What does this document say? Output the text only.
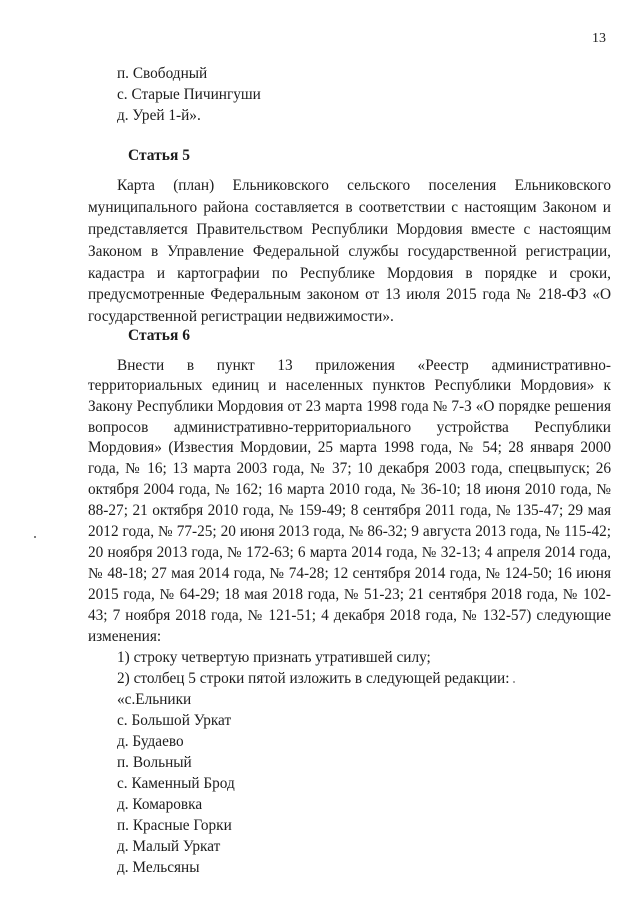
13
п. Свободный
с. Старые Пичингуши
д. Урей 1-й».
Статья 5
Карта (план) Ельниковского сельского поселения Ельниковского
муниципального района составляется в соответствии с настоящим Законом и
представляется Правительством Республики Мордовия вместе с настоящим
Законом в Управление Федеральной службы государственной регистрации,
кадастра и картографии по Республике Мордовия в порядке и сроки,
предусмотренные Федеральным законом от 13 июля 2015 года № 218-ФЗ «О
государственной регистрации недвижимости».
Статья 6
Внести в пункт 13 приложения «Реестр административно-
территориальных единиц и населенных пунктов Республики Мордовия» к
Закону Республики Мордовия от 23 марта 1998 года № 7-З «О порядке решения
вопросов административно-территориального устройства Республики
Мордовия» (Известия Мордовии, 25 марта 1998 года, № 54; 28 января 2000
года, № 16; 13 марта 2003 года, № 37; 10 декабря 2003 года, спецвыпуск; 26
октября 2004 года, № 162; 16 марта 2010 года, № 36-10; 18 июня 2010 года, №
88-27; 21 октября 2010 года, № 159-49; 8 сентября 2011 года, № 135-47; 29 мая
2012 года, № 77-25; 20 июня 2013 года, № 86-32; 9 августа 2013 года, № 115-42;
20 ноября 2013 года, № 172-63; 6 марта 2014 года, № 32-13; 4 апреля 2014 года,
№ 48-18; 27 мая 2014 года, № 74-28; 12 сентября 2014 года, № 124-50; 16 июня
2015 года, № 64-29; 18 мая 2018 года, № 51-23; 21 сентября 2018 года, № 102-
43; 7 ноября 2018 года, № 121-51; 4 декабря 2018 года, № 132-57) следующие
изменения:
1) строку четвертую признать утратившей силу;
2) столбец 5 строки пятой изложить в следующей редакции:
«с.Ельники
с. Большой Уркат
д. Будаево
п. Вольный
с. Каменный Брод
д. Комаровка
п. Красные Горки
д. Малый Уркат
д. Мельсяны
